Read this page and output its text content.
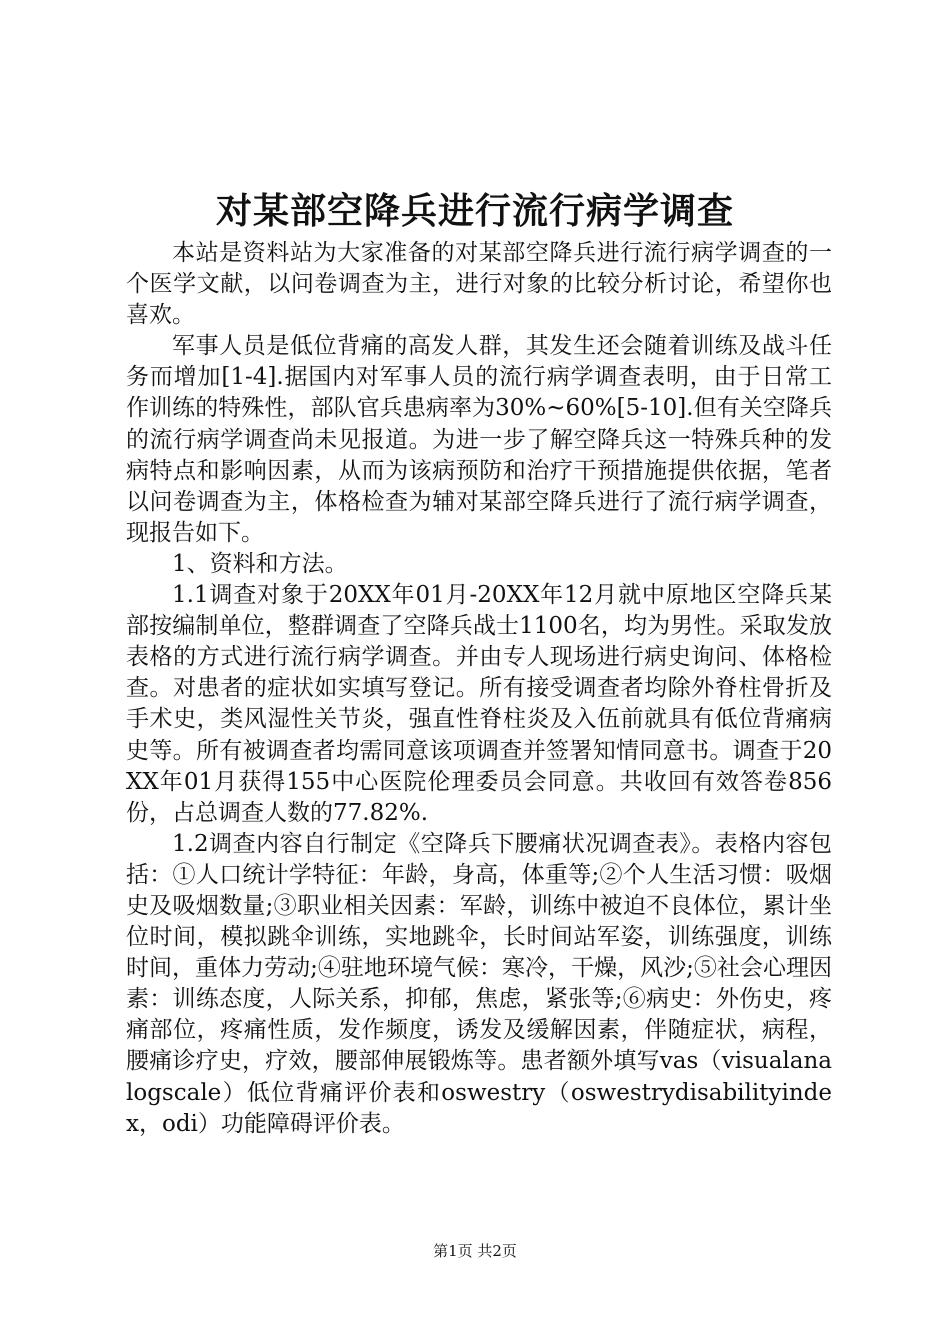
对某部空降兵进行流行病学调查

本站是资料站为大家准备的对某部空降兵进行流行病学调查的一个医学文献，以问卷调查为主，进行对象的比较分析讨论，希望你也喜欢。

军事人员是低位背痛的高发人群，其发生还会随着训练及战斗任务而增加[1-4].据国内对军事人员的流行病学调查表明，由于日常工作训练的特殊性，部队官兵患病率为30%~60%[5-10].但有关空降兵的流行病学调查尚未见报道。为进一步了解空降兵这一特殊兵种的发病特点和影响因素，从而为该病预防和治疗干预措施提供依据，笔者以问卷调查为主，体格检查为辅对某部空降兵进行了流行病学调查，现报告如下。

1、资料和方法。

1.1调查对象于20XX年01月-20XX年12月就中原地区空降兵某部按编制单位，整群调查了空降兵战士1100名，均为男性。采取发放表格的方式进行流行病学调查。并由专人现场进行病史询问、体格检查。对患者的症状如实填写登记。所有接受调查者均除外脊柱骨折及手术史，类风湿性关节炎，强直性脊柱炎及入伍前就具有低位背痛病史等。所有被调查者均需同意该项调查并签署知情同意书。调查于20XX年01月获得155中心医院伦理委员会同意。共收回有效答卷856份，占总调查人数的77.82%.

1.2调查内容自行制定《空降兵下腰痛状况调查表》。表格内容包括：①人口统计学特征：年龄，身高，体重等;②个人生活习惯：吸烟史及吸烟数量;③职业相关因素：军龄，训练中被迫不良体位，累计坐位时间，模拟跳伞训练，实地跳伞，长时间站军姿，训练强度，训练时间，重体力劳动;④驻地环境气候：寒冷，干燥，风沙;⑤社会心理因素：训练态度，人际关系，抑郁，焦虑，紧张等;⑥病史：外伤史，疼痛部位，疼痛性质，发作频度，诱发及缓解因素，伴随症状，病程，腰痛诊疗史，疗效，腰部伸展锻炼等。患者额外填写vas（visualanalogscale）低位背痛评价表和oswestry（oswestrydisabilityindex，odi）功能障碍评价表。

第1页 共2页
